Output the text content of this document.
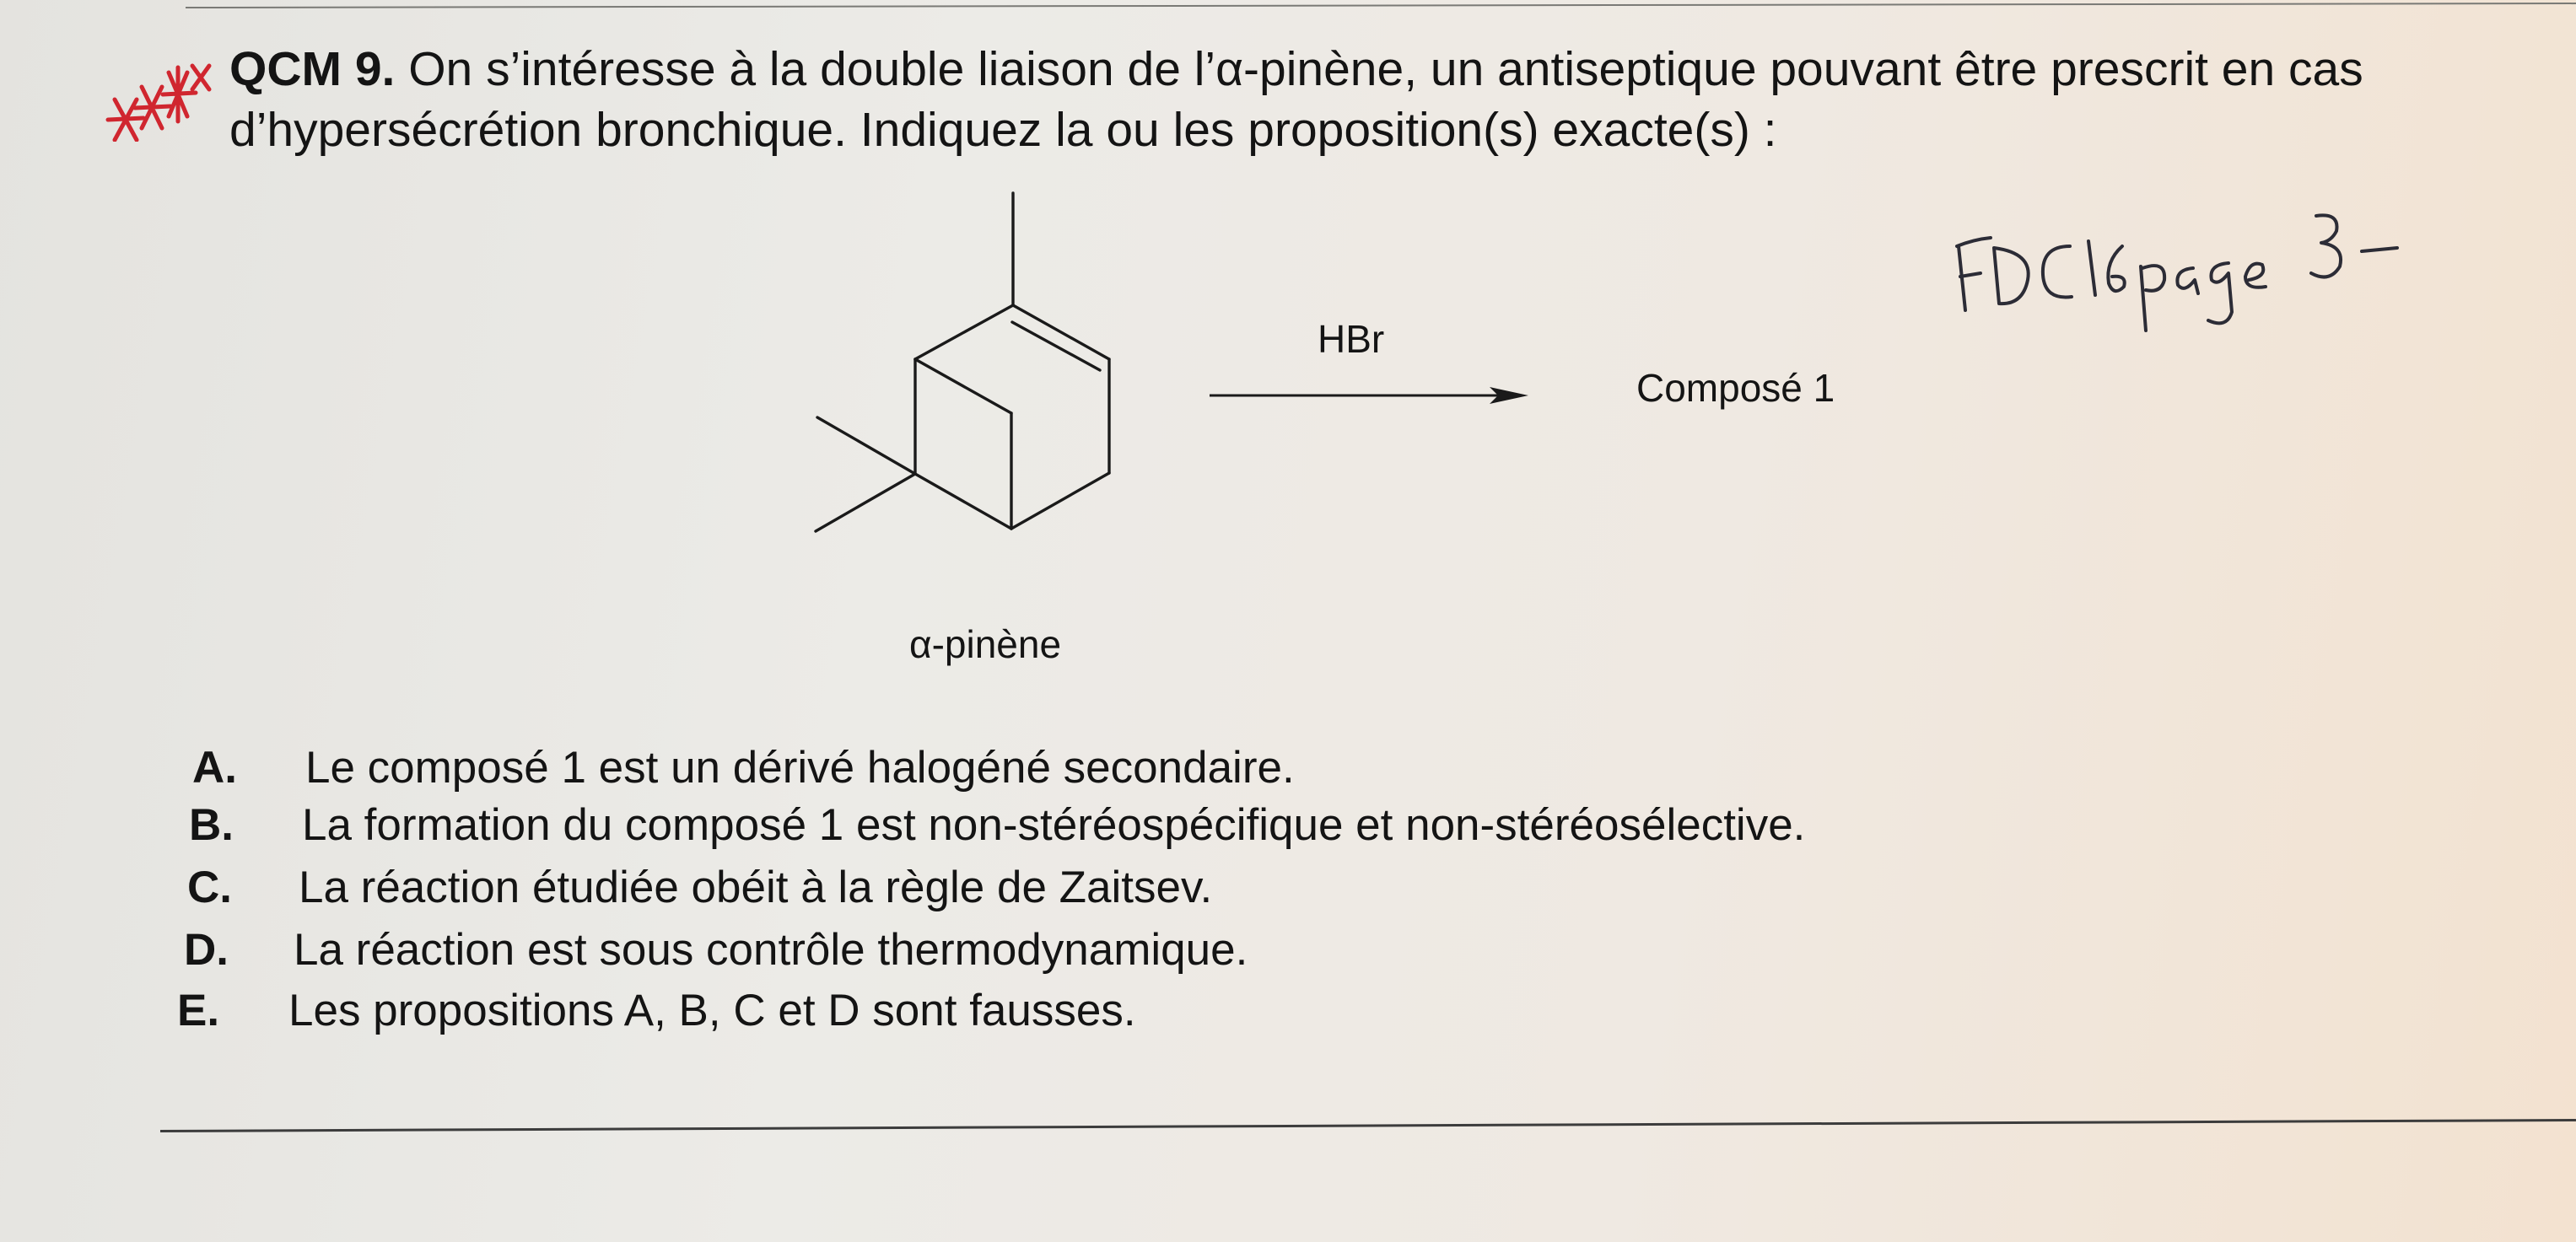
QCM 9. On s’intéresse à la double liaison de l’α-pinène, un antiseptique pouvant être prescrit en cas d’hypersécrétion bronchique. Indiquez la ou les proposition(s) exacte(s) :
HBr
Composé 1
α-pinène
A. Le composé 1 est un dérivé halogéné secondaire.
B. La formation du composé 1 est non-stéréospécifique et non-stéréosélective.
C. La réaction étudiée obéit à la règle de Zaitsev.
D. La réaction est sous contrôle thermodynamique.
E. Les propositions A, B, C et D sont fausses.
